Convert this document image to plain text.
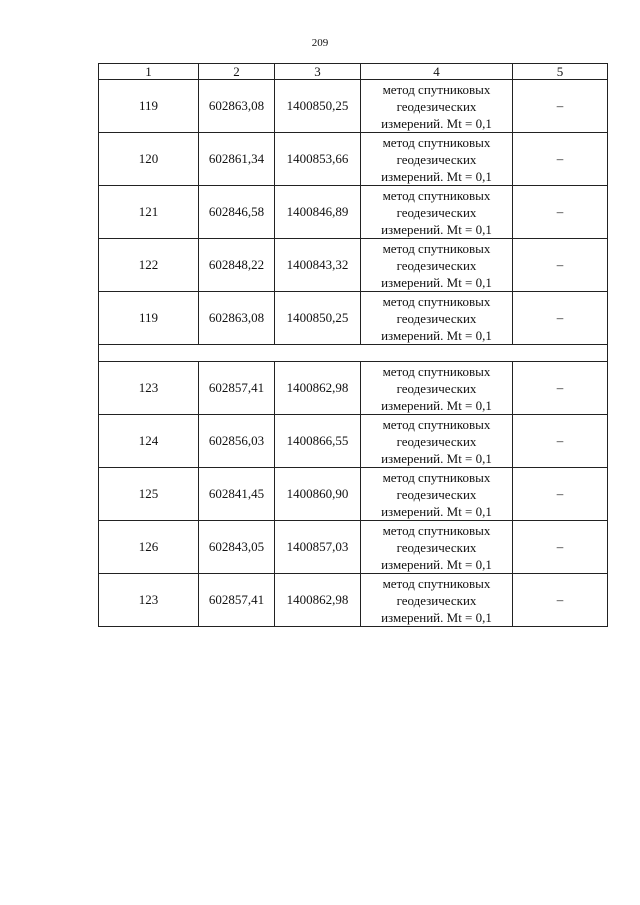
209
1	2	3	4	5
119	602863,08	1400850,25	метод спутниковых
геодезических
измерений. Mt = 0,1	–
120	602861,34	1400853,66	метод спутниковых
геодезических
измерений. Mt = 0,1	–
121	602846,58	1400846,89	метод спутниковых
геодезических
измерений. Mt = 0,1	–
122	602848,22	1400843,32	метод спутниковых
геодезических
измерений. Mt = 0,1	–
119	602863,08	1400850,25	метод спутниковых
геодезических
измерений. Mt = 0,1	–

123	602857,41	1400862,98	метод спутниковых
геодезических
измерений. Mt = 0,1	–
124	602856,03	1400866,55	метод спутниковых
геодезических
измерений. Mt = 0,1	–
125	602841,45	1400860,90	метод спутниковых
геодезических
измерений. Mt = 0,1	–
126	602843,05	1400857,03	метод спутниковых
геодезических
измерений. Mt = 0,1	–
123	602857,41	1400862,98	метод спутниковых
геодезических
измерений. Mt = 0,1	–
